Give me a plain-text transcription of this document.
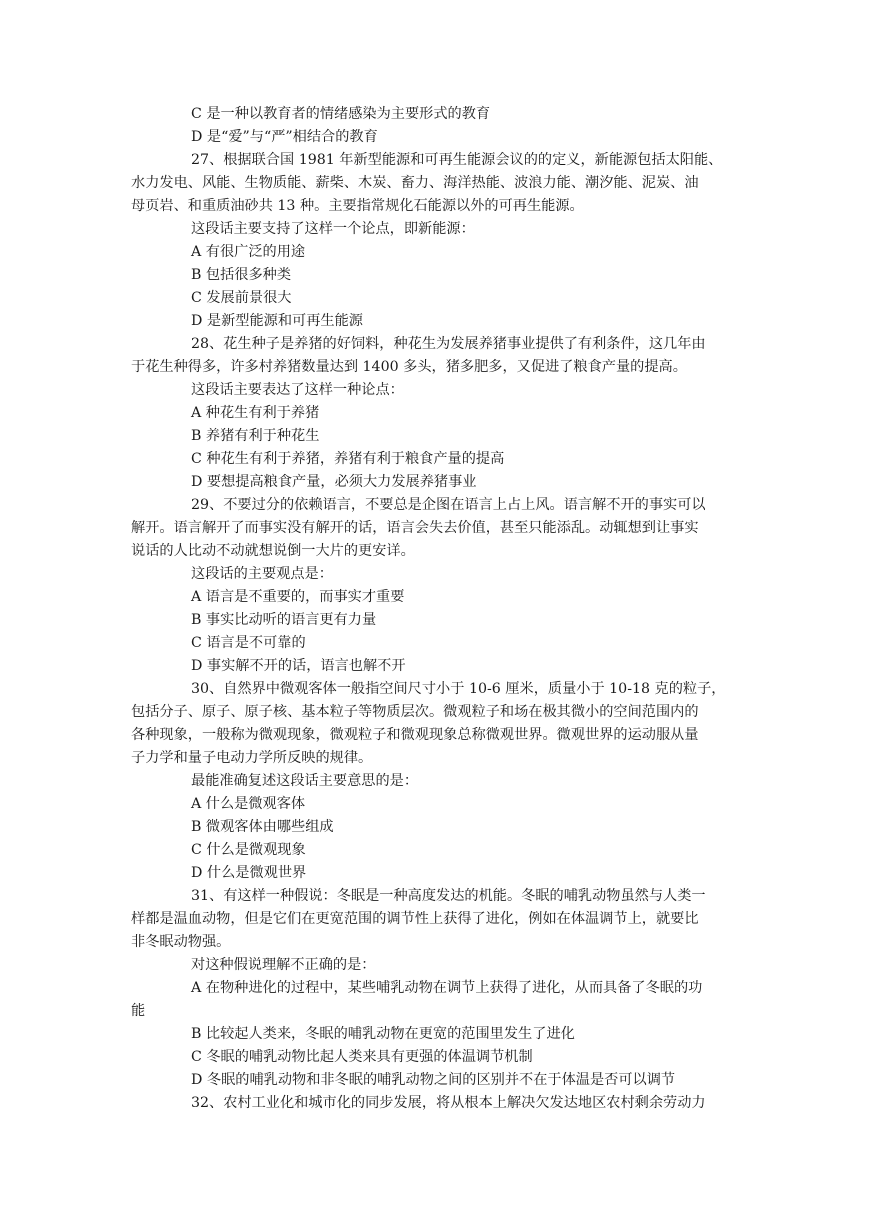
C 是一种以教育者的情绪感染为主要形式的教育
D 是“爱”与“严”相结合的教育
27、根据联合国 1981 年新型能源和可再生能源会议的的定义，新能源包括太阳能、
水力发电、风能、生物质能、薪柴、木炭、畜力、海洋热能、波浪力能、潮汐能、泥炭、油
母页岩、和重质油砂共 13 种。主要指常规化石能源以外的可再生能源。
这段话主要支持了这样一个论点，即新能源：
A 有很广泛的用途
B 包括很多种类
C 发展前景很大
D 是新型能源和可再生能源
28、花生种子是养猪的好饲料，种花生为发展养猪事业提供了有利条件，这几年由
于花生种得多，许多村养猪数量达到 1400 多头，猪多肥多，又促进了粮食产量的提高。
这段话主要表达了这样一种论点：
A 种花生有利于养猪
B 养猪有利于种花生
C 种花生有利于养猪，养猪有利于粮食产量的提高
D 要想提高粮食产量，必须大力发展养猪事业
29、不要过分的依赖语言，不要总是企图在语言上占上风。语言解不开的事实可以
解开。语言解开了而事实没有解开的话，语言会失去价值，甚至只能添乱。动辄想到让事实
说话的人比动不动就想说倒一大片的更安详。
这段话的主要观点是：
A 语言是不重要的，而事实才重要
B 事实比动听的语言更有力量
C 语言是不可靠的
D 事实解不开的话，语言也解不开
30、自然界中微观客体一般指空间尺寸小于 10-6 厘米，质量小于 10-18 克的粒子，
包括分子、原子、原子核、基本粒子等物质层次。微观粒子和场在极其微小的空间范围内的
各种现象，一般称为微观现象，微观粒子和微观现象总称微观世界。微观世界的运动服从量
子力学和量子电动力学所反映的规律。
最能准确复述这段话主要意思的是：
A 什么是微观客体
B 微观客体由哪些组成
C 什么是微观现象
D 什么是微观世界
31、有这样一种假说：冬眠是一种高度发达的机能。冬眠的哺乳动物虽然与人类一
样都是温血动物，但是它们在更宽范围的调节性上获得了进化，例如在体温调节上，就要比
非冬眠动物强。
对这种假说理解不正确的是：
A 在物种进化的过程中，某些哺乳动物在调节上获得了进化，从而具备了冬眠的功
能
B 比较起人类来，冬眠的哺乳动物在更宽的范围里发生了进化
C 冬眠的哺乳动物比起人类来具有更强的体温调节机制
D 冬眠的哺乳动物和非冬眠的哺乳动物之间的区别并不在于体温是否可以调节
32、农村工业化和城市化的同步发展，将从根本上解决欠发达地区农村剩余劳动力
